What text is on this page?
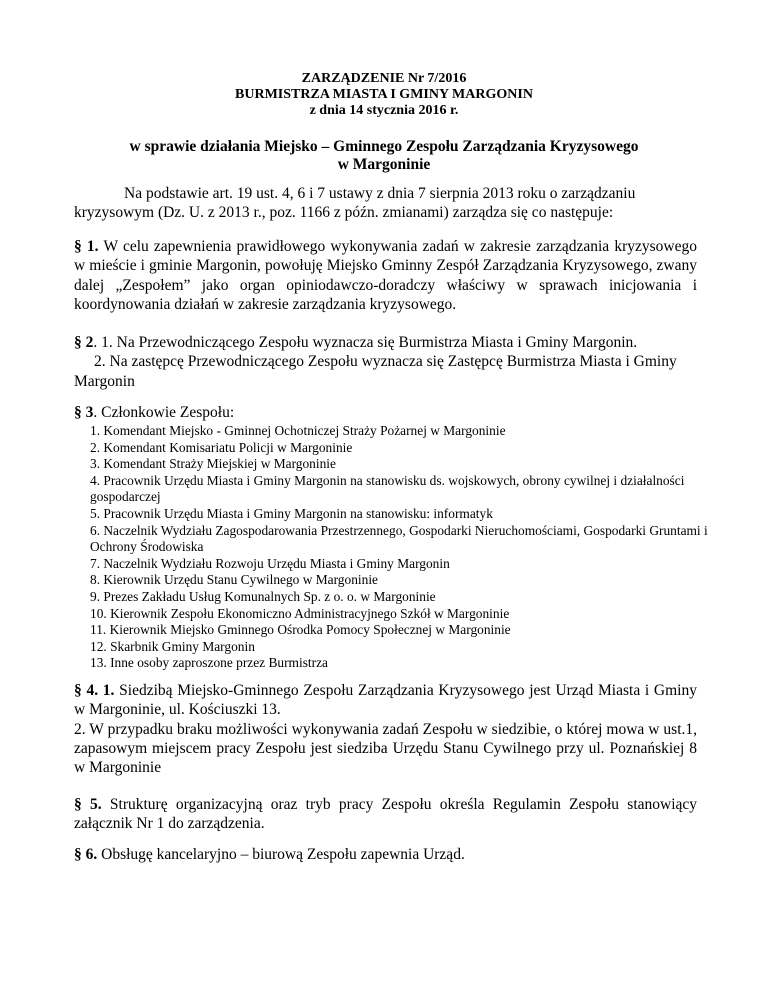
ZARZĄDZENIE Nr 7/2016
BURMISTRZA MIASTA I GMINY MARGONIN
z dnia 14 stycznia 2016 r.
w sprawie działania Miejsko – Gminnego Zespołu Zarządzania Kryzysowego
w Margoninie
Na podstawie art. 19 ust. 4, 6 i 7 ustawy z dnia 7 sierpnia 2013 roku o zarządzaniu
kryzysowym (Dz. U. z 2013 r., poz. 1166 z późn. zmianami) zarządza się co następuje:
§ 1. W celu zapewnienia prawidłowego wykonywania zadań w zakresie zarządzania kryzysowego w mieście i gminie Margonin, powołuję Miejsko Gminny Zespół Zarządzania Kryzysowego, zwany dalej „Zespołem” jako organ opiniodawczo-doradczy właściwy w sprawach inicjowania i koordynowania działań w zakresie zarządzania kryzysowego.
§ 2. 1. Na Przewodniczącego Zespołu wyznacza się Burmistrza Miasta i Gminy Margonin.
2. Na zastępcę Przewodniczącego Zespołu wyznacza się Zastępcę Burmistrza Miasta i Gminy Margonin
§ 3. Członkowie Zespołu:
1. Komendant Miejsko - Gminnej Ochotniczej Straży Pożarnej w Margoninie
2. Komendant Komisariatu Policji w Margoninie
3. Komendant Straży Miejskiej w Margoninie
4. Pracownik Urzędu Miasta i Gminy Margonin na stanowisku ds. wojskowych, obrony cywilnej i działalności gospodarczej
5. Pracownik Urzędu Miasta i Gminy Margonin na stanowisku: informatyk
6. Naczelnik Wydziału Zagospodarowania Przestrzennego, Gospodarki Nieruchomościami, Gospodarki Gruntami i Ochrony Środowiska
7. Naczelnik Wydziału Rozwoju Urzędu Miasta i Gminy Margonin
8. Kierownik Urzędu Stanu Cywilnego w Margoninie
9. Prezes Zakładu Usług Komunalnych Sp. z o. o. w Margoninie
10. Kierownik Zespołu Ekonomiczno Administracyjnego Szkół w Margoninie
11. Kierownik Miejsko Gminnego Ośrodka Pomocy Społecznej w Margoninie
12. Skarbnik Gminy Margonin
13. Inne osoby zaproszone przez Burmistrza
§ 4. 1. Siedzibą Miejsko-Gminnego Zespołu Zarządzania Kryzysowego jest Urząd Miasta i Gminy w Margoninie, ul. Kościuszki 13.
2. W przypadku braku możliwości wykonywania zadań Zespołu w siedzibie, o której mowa w ust.1, zapasowym miejscem pracy Zespołu jest siedziba Urzędu Stanu Cywilnego przy ul. Poznańskiej 8 w Margoninie
§ 5. Strukturę organizacyjną oraz tryb pracy Zespołu określa Regulamin Zespołu stanowiący załącznik Nr 1 do zarządzenia.
§ 6. Obsługę kancelaryjno – biurową Zespołu zapewnia Urząd.
